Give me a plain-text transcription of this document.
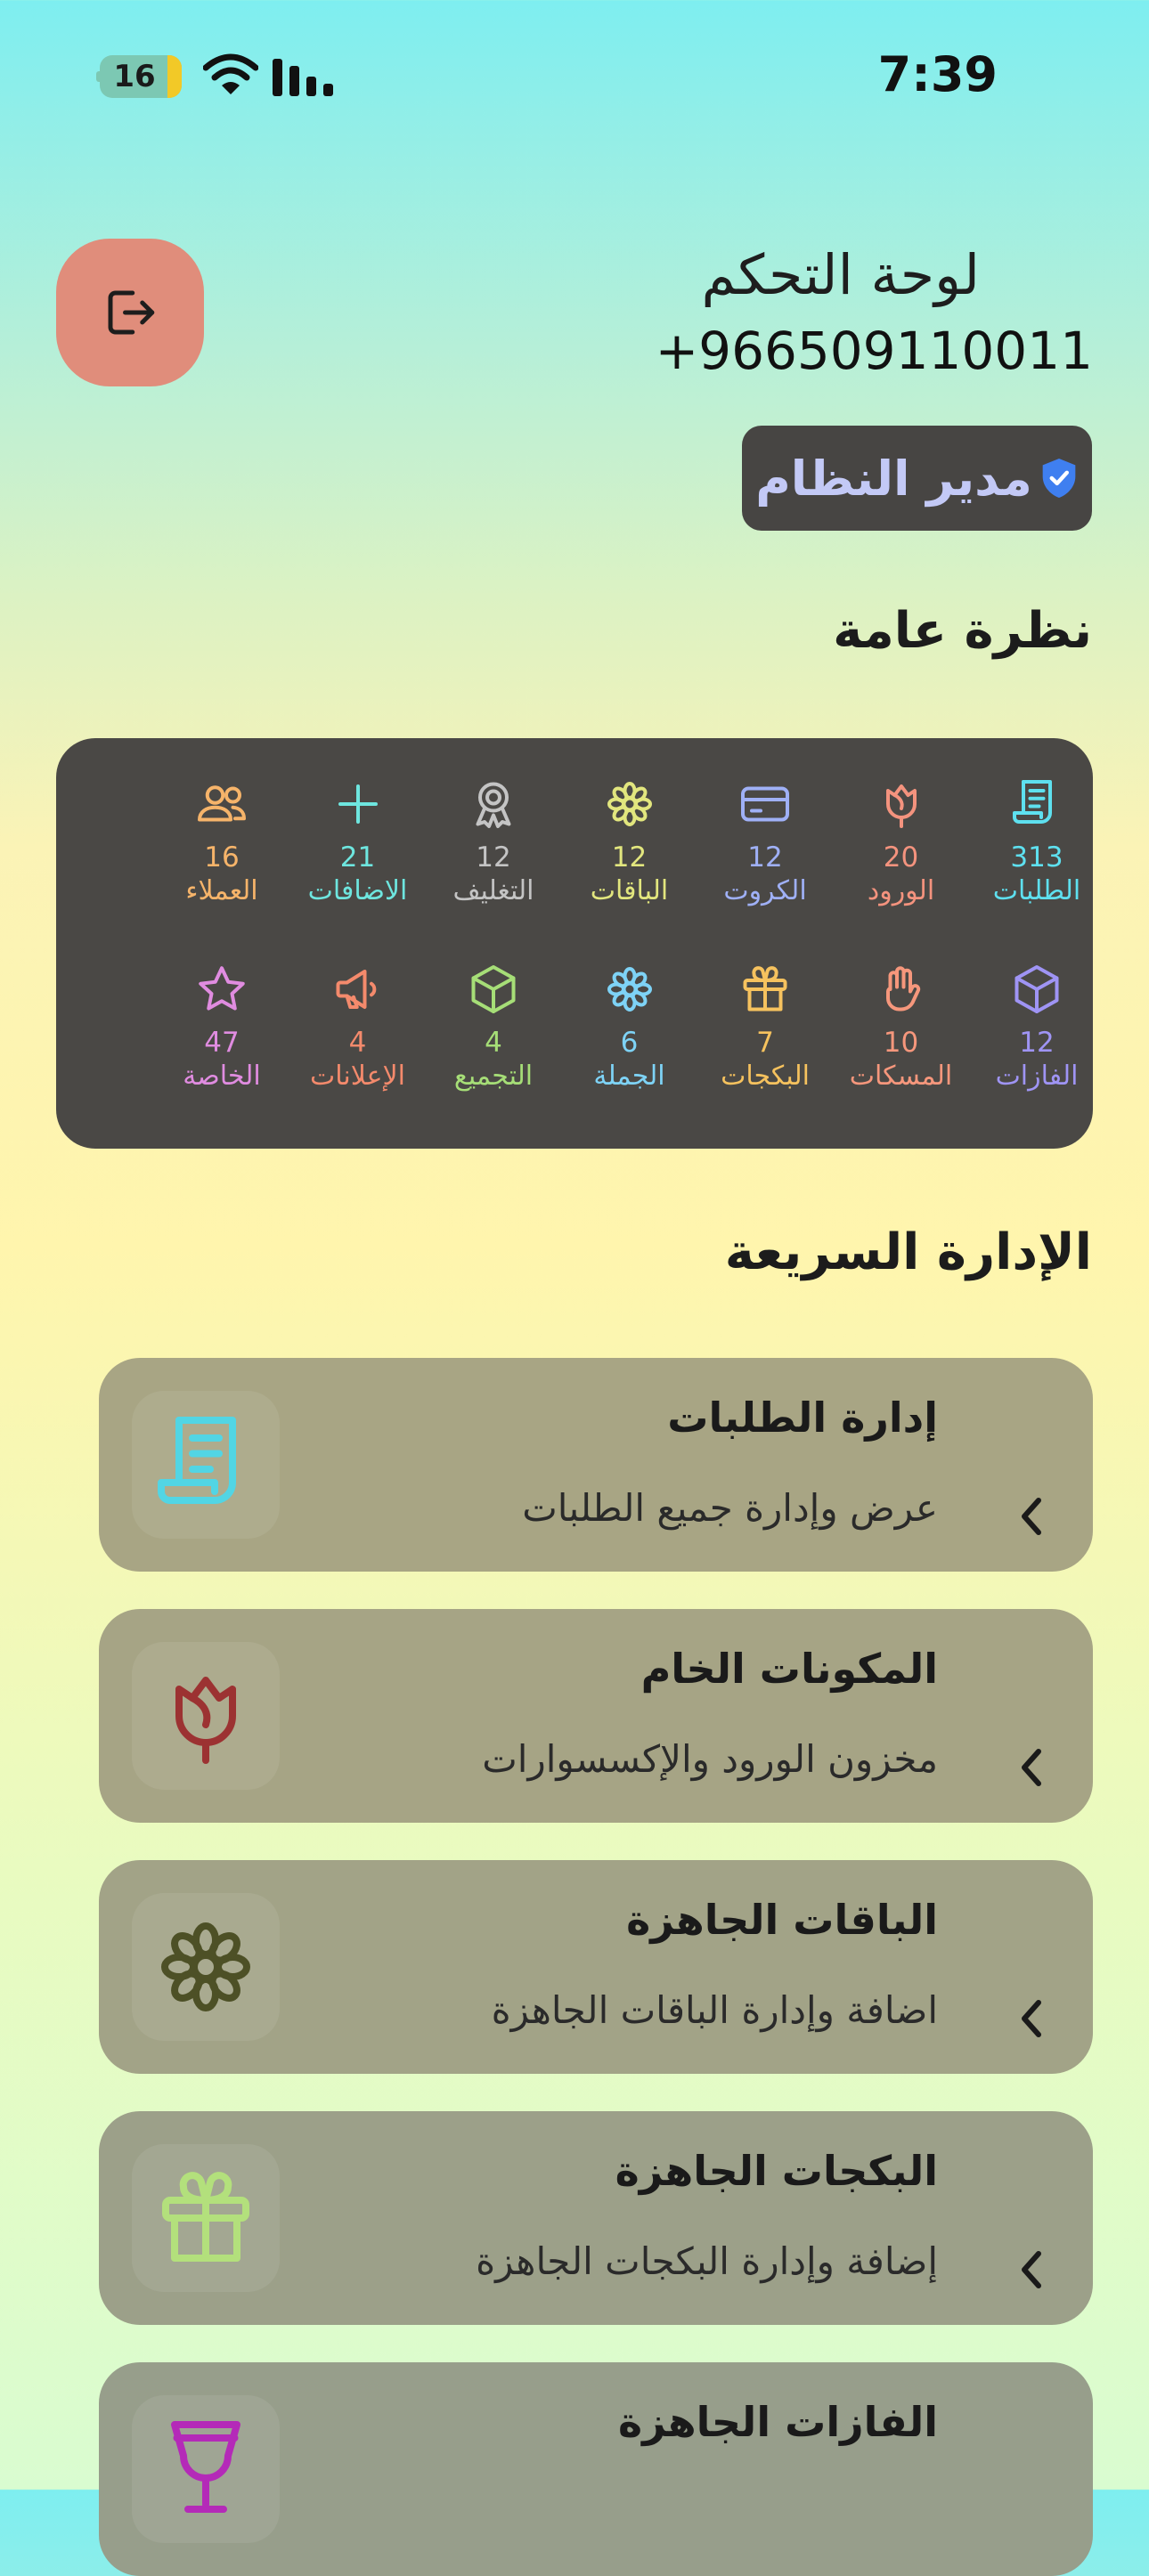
16	7:39
لوحة التحكم
+966509110011
مدير النظام
نظرة عامة
313
الطلبات
20
الورود
12
الكروت
12
الباقات
12
التغليف
21
الاضافات
16
العملاء
12
الفازات
10
المسكات
7
البكجات
6
الجملة
4
التجميع
4
الإعلانات
47
الخاصة
الإدارة السريعة
إدارة الطلبات
عرض وإدارة جميع الطلبات
المكونات الخام
مخزون الورود والإكسسوارات
الباقات الجاهزة
اضافة وإدارة الباقات الجاهزة
البكجات الجاهزة
إضافة وإدارة البكجات الجاهزة
الفازات الجاهزة
